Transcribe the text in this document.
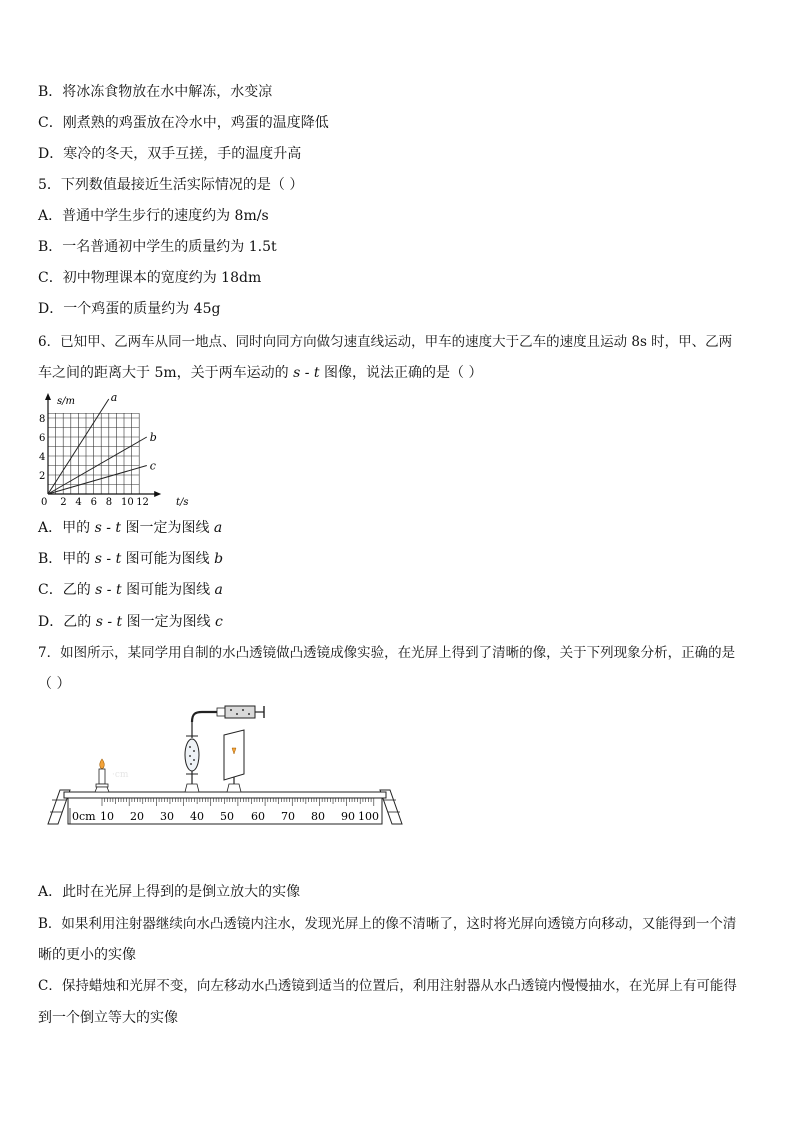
B．将冰冻食物放在水中解冻，水变凉
C．刚煮熟的鸡蛋放在冷水中，鸡蛋的温度降低
D．寒冷的冬天，双手互搓，手的温度升高
5．下列数值最接近生活实际情况的是（ ）
A．普通中学生步行的速度约为 8m/s
B．一名普通初中学生的质量约为 1.5t
C．初中物理课本的宽度约为 18dm
D．一个鸡蛋的质量约为 45g
6．已知甲、乙两车从同一地点、同时向同方向做匀速直线运动，甲车的速度大于乙车的速度且运动 8s 时，甲、乙两
车之间的距离大于 5m，关于两车运动的 s - t 图像，说法正确的是（ ）
a
b
c
2 4 6 8 10 12
2
4
6
8
s/m
t/s
0
A．甲的 s - t 图一定为图线 a
B．甲的 s - t 图可能为图线 b
C．乙的 s - t 图可能为图线 a
D．乙的 s - t 图一定为图线 c
7．如图所示，某同学用自制的水凸透镜做凸透镜成像实验，在光屏上得到了清晰的像，关于下列现象分析，正确的是
（ ）
0cm 10 20 30 40 50 60 70 80 90 100
·cm
A．此时在光屏上得到的是倒立放大的实像
B．如果利用注射器继续向水凸透镜内注水，发现光屏上的像不清晰了，这时将光屏向透镜方向移动，又能得到一个清
晰的更小的实像
C．保持蜡烛和光屏不变，向左移动水凸透镜到适当的位置后，利用注射器从水凸透镜内慢慢抽水，在光屏上有可能得
到一个倒立等大的实像
